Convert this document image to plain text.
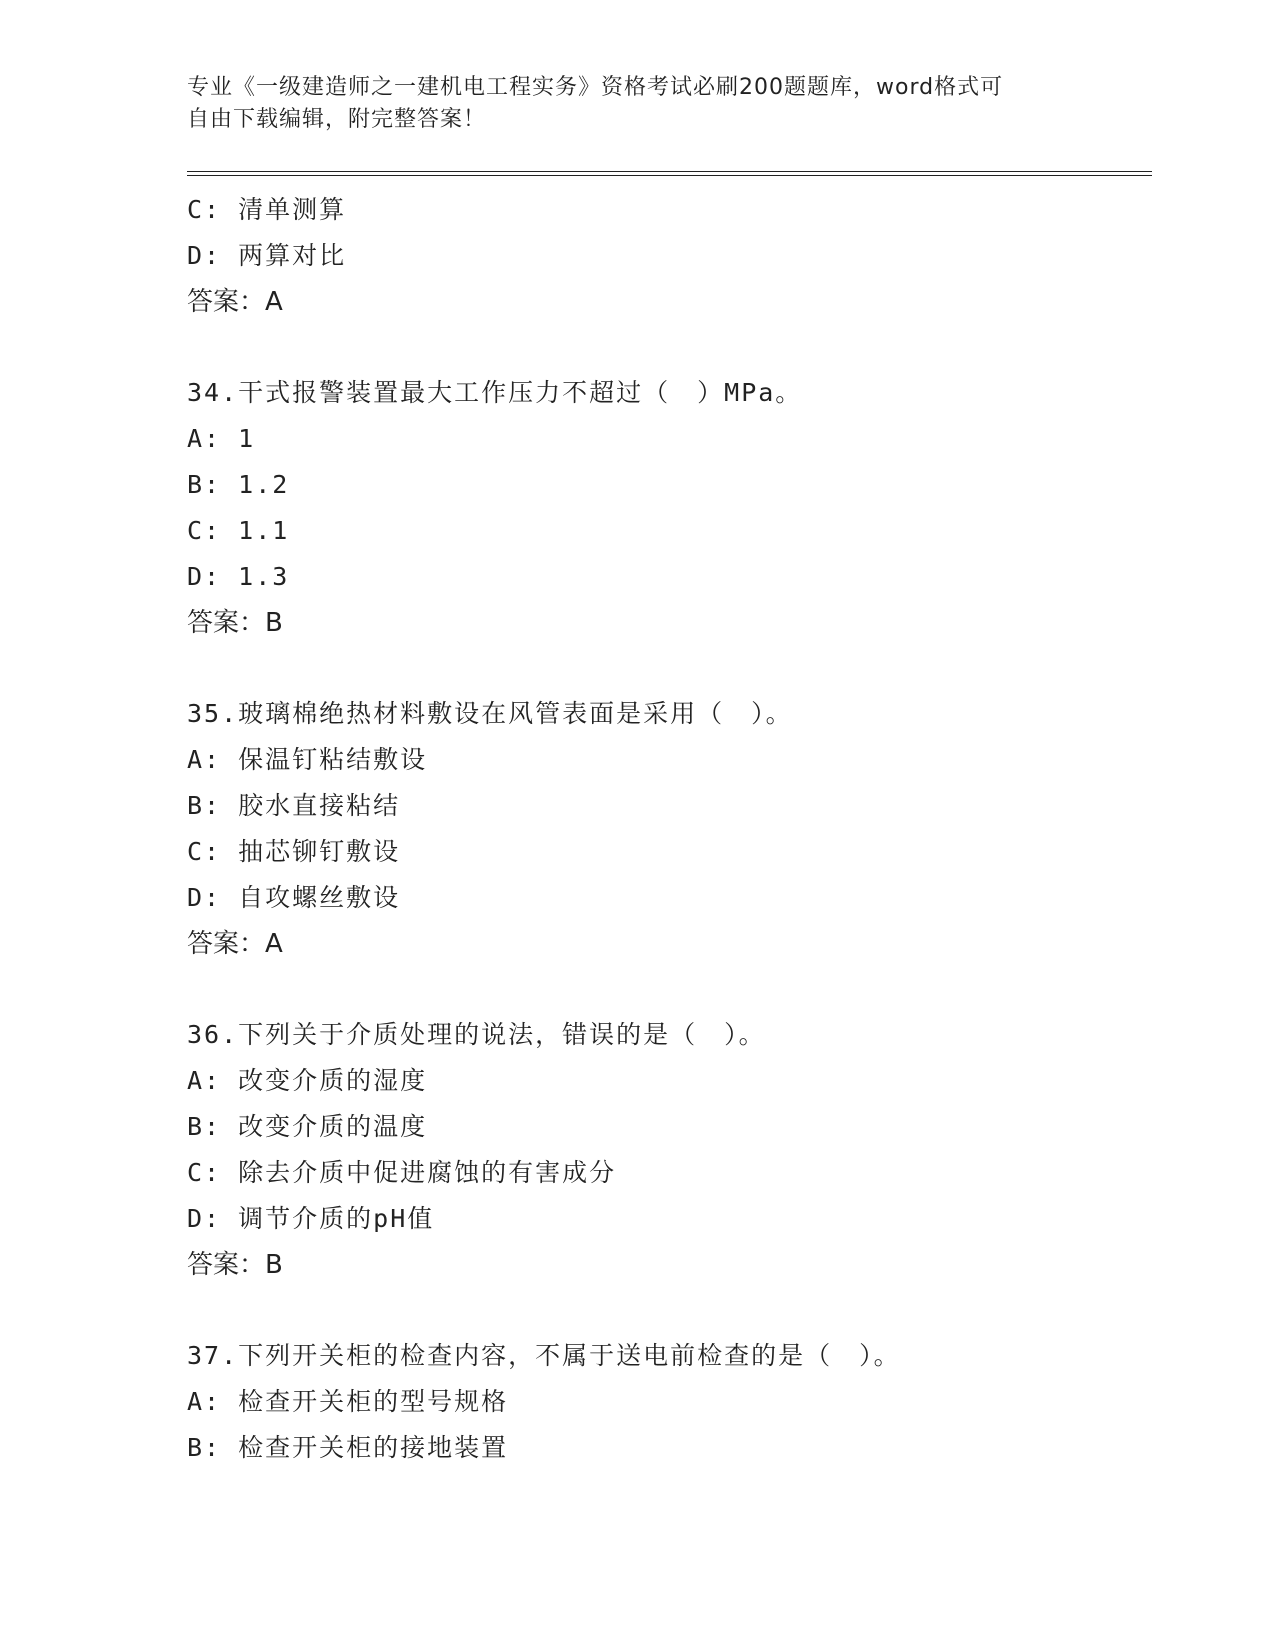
专业《一级建造师之一建机电工程实务》资格考试必刷200题题库，word格式可
自由下载编辑，附完整答案！
C: 清单测算
D: 两算对比
答案：A
34.干式报警装置最大工作压力不超过（　）MPa。
A: 1
B: 1.2
C: 1.1
D: 1.3
答案：B
35.玻璃棉绝热材料敷设在风管表面是采用（　）。
A: 保温钉粘结敷设
B: 胶水直接粘结
C: 抽芯铆钉敷设
D: 自攻螺丝敷设
答案：A
36.下列关于介质处理的说法，错误的是（　）。
A: 改变介质的湿度
B: 改变介质的温度
C: 除去介质中促进腐蚀的有害成分
D: 调节介质的pH值
答案：B
37.下列开关柜的检查内容，不属于送电前检查的是（　）。
A: 检查开关柜的型号规格
B: 检查开关柜的接地装置
